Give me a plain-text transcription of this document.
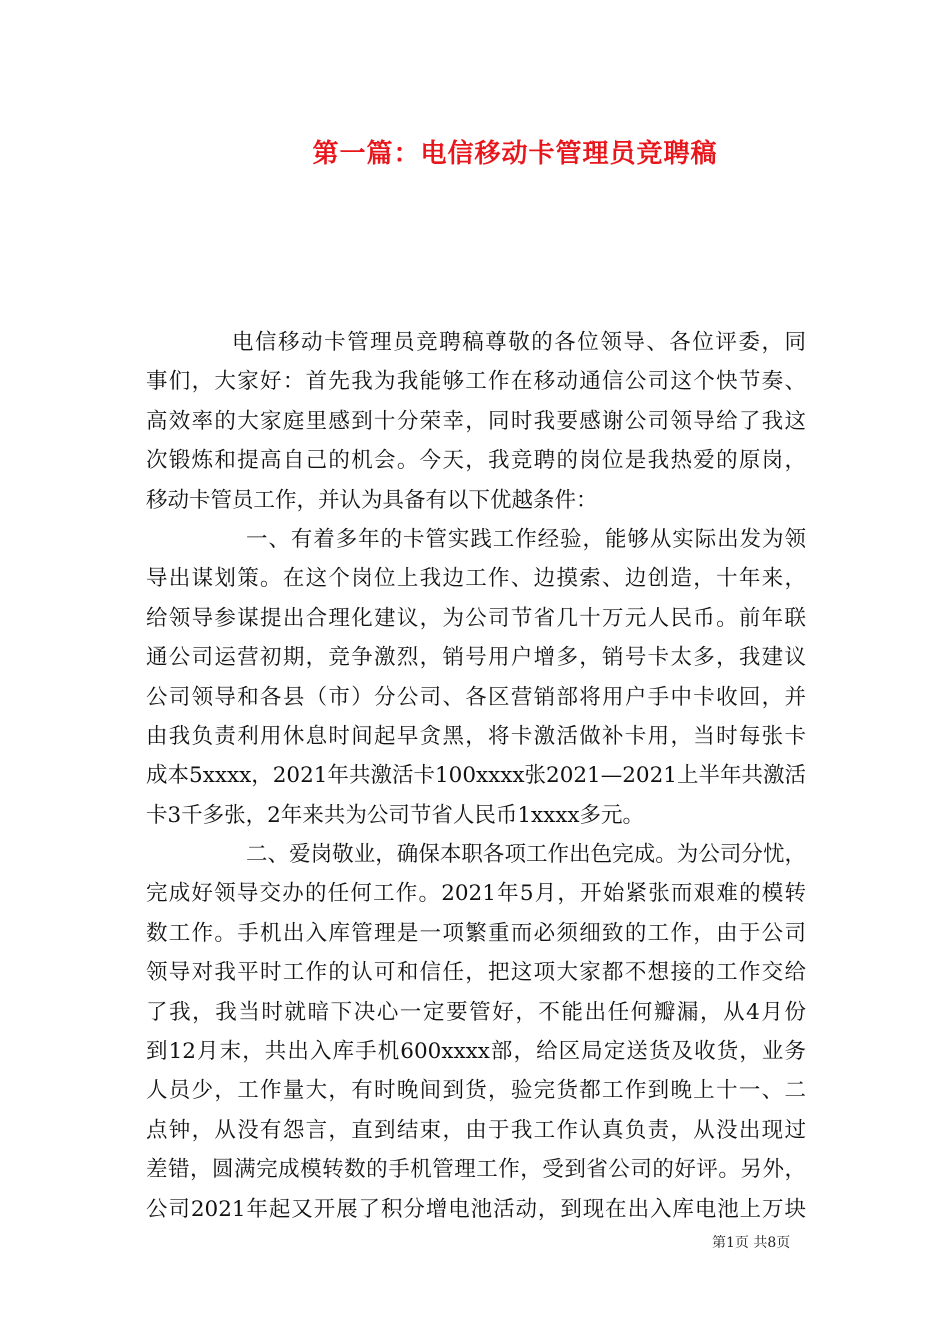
第一篇：电信移动卡管理员竞聘稿
电信移动卡管理员竞聘稿尊敬的各位领导、各位评委，同
事们，大家好：首先我为我能够工作在移动通信公司这个快节奏、
高效率的大家庭里感到十分荣幸，同时我要感谢公司领导给了我这
次锻炼和提高自己的机会。今天，我竞聘的岗位是我热爱的原岗，
移动卡管员工作，并认为具备有以下优越条件：
一、有着多年的卡管实践工作经验，能够从实际出发为领
导出谋划策。在这个岗位上我边工作、边摸索、边创造，十年来，
给领导参谋提出合理化建议，为公司节省几十万元人民币。前年联
通公司运营初期，竞争激烈，销号用户增多，销号卡太多，我建议
公司领导和各县（市）分公司、各区营销部将用户手中卡收回，并
由我负责利用休息时间起早贪黑，将卡激活做补卡用，当时每张卡
成本5xxxx，2021年共激活卡100xxxx张2021—2021上半年共激活
卡3千多张，2年来共为公司节省人民币1xxxx多元。
二、爱岗敬业，确保本职各项工作出色完成。为公司分忧，
完成好领导交办的任何工作。2021年5月，开始紧张而艰难的模转
数工作。手机出入库管理是一项繁重而必须细致的工作，由于公司
领导对我平时工作的认可和信任，把这项大家都不想接的工作交给
了我，我当时就暗下决心一定要管好，不能出任何瓣漏，从4月份
到12月末，共出入库手机600xxxx部，给区局定送货及收货，业务
人员少，工作量大，有时晚间到货，验完货都工作到晚上十一、二
点钟，从没有怨言，直到结束，由于我工作认真负责，从没出现过
差错，圆满完成模转数的手机管理工作，受到省公司的好评。另外，
公司2021年起又开展了积分增电池活动，到现在出入库电池上万块
第1页 共8页
